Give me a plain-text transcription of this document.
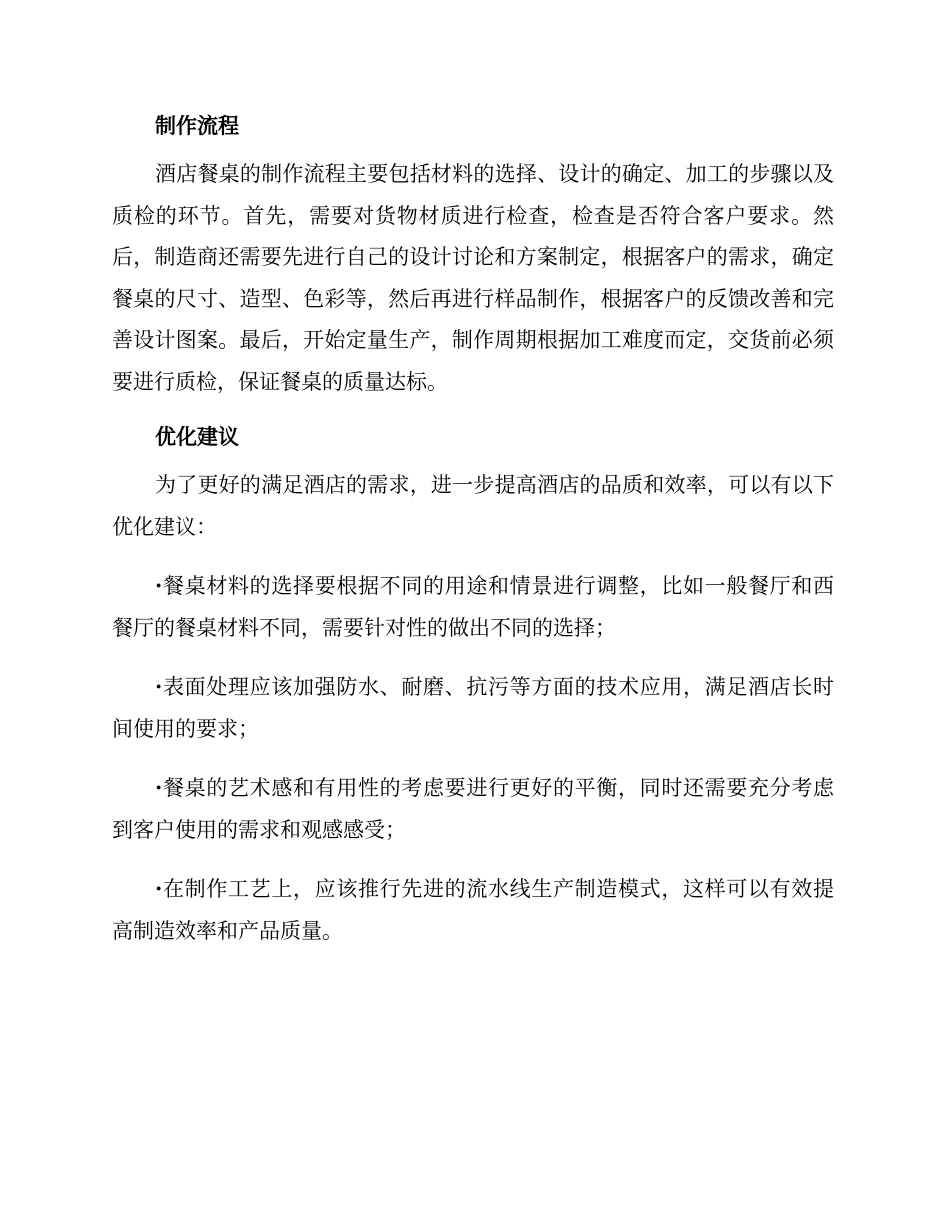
制作流程

酒店餐桌的制作流程主要包括材料的选择、设计的确定、加工的步骤以及质检的环节。首先，需要对货物材质进行检查，检查是否符合客户要求。然后，制造商还需要先进行自己的设计讨论和方案制定，根据客户的需求，确定餐桌的尺寸、造型、色彩等，然后再进行样品制作，根据客户的反馈改善和完善设计图案。最后，开始定量生产，制作周期根据加工难度而定，交货前必须要进行质检，保证餐桌的质量达标。

优化建议

为了更好的满足酒店的需求，进一步提高酒店的品质和效率，可以有以下优化建议：

·餐桌材料的选择要根据不同的用途和情景进行调整，比如一般餐厅和西餐厅的餐桌材料不同，需要针对性的做出不同的选择；

·表面处理应该加强防水、耐磨、抗污等方面的技术应用，满足酒店长时间使用的要求；

·餐桌的艺术感和有用性的考虑要进行更好的平衡，同时还需要充分考虑到客户使用的需求和观感感受；

·在制作工艺上，应该推行先进的流水线生产制造模式，这样可以有效提高制造效率和产品质量。
